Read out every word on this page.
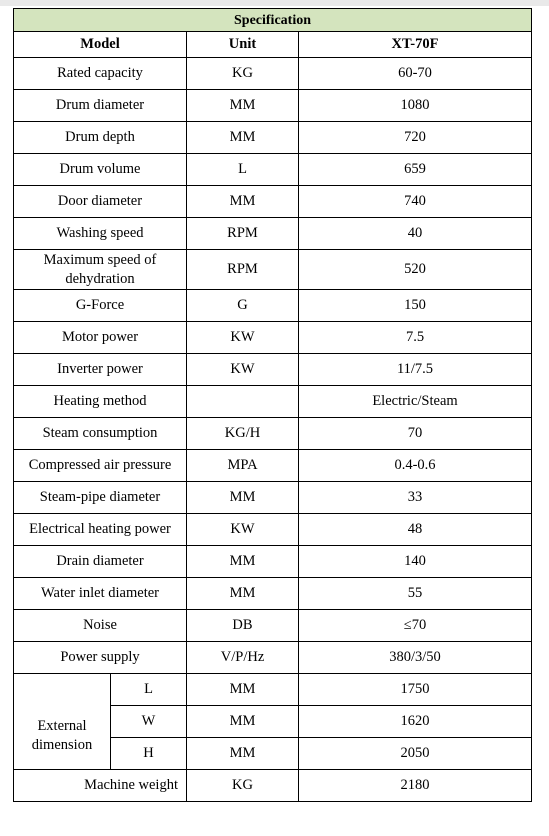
Specification			
Model		Unit	XT-70F
Rated capacity		KG	60-70
Drum diameter		MM	1080
Drum depth		MM	720
Drum volume		L	659
Door diameter		MM	740
Washing speed		RPM	40
Maximum speed of dehydration		RPM	520
G-Force		G	150
Motor power		KW	7.5
Inverter power		KW	11/7.5
Heating method			Electric/Steam
Steam consumption		KG/H	70
Compressed air pressure		MPA	0.4-0.6
Steam-pipe diameter		MM	33
Electrical heating power		KW	48
Drain diameter		MM	140
Water inlet diameter		MM	55
Noise		DB	≤70
Power supply		V/P/Hz	380/3/50
External dimension	L	MM	1750
	W	MM	1620
	H	MM	2050
Machine weight		KG	2180
